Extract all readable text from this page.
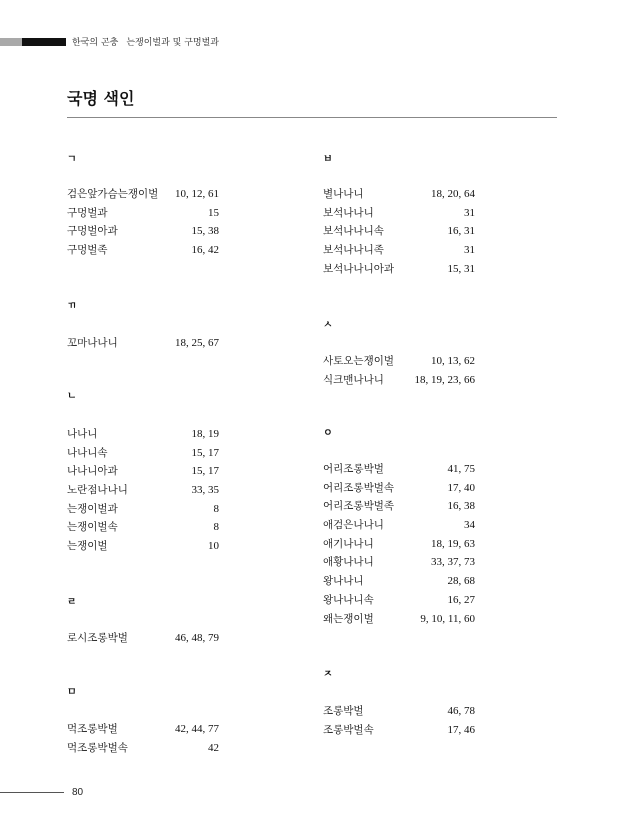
한국의 곤충 는쟁이벌과 및 구멍벌과
국명 색인
ㄱ
검은앞가슴는쟁이벌 10, 12, 61
구멍벌과	15
구멍벌아과	15, 38
구멍벌족	16, 42
ㄲ
꼬마나나니	18, 25, 67
ㄴ
나나니	18, 19
나나니속	15, 17
나나니아과	15, 17
노란점나나니	33, 35
는쟁이벌과	8
는쟁이벌속	8
는쟁이벌	10
ㄹ
로시조롱박벌	46, 48, 79
ㅁ
먹조롱박벌	42, 44, 77
먹조롱박벌속	42
ㅂ
별나나니	18, 20, 64
보석나나니	31
보석나나니속	16, 31
보석나나니족	31
보석나나니아과	15, 31
ㅅ
사토오는쟁이벌	10, 13, 62
식크맨나나니	18, 19, 23, 66
ㅇ
어리조롱박벌	41, 75
어리조롱박벌속	17, 40
어리조롱박벌족	16, 38
애검은나나니	34
애기나나니	18, 19, 63
애황나나니	33, 37, 73
왕나나니	28, 68
왕나나니속	16, 27
왜는쟁이벌	9, 10, 11, 60
ㅈ
조롱박벌	46, 78
조롱박벌속	17, 46
80
